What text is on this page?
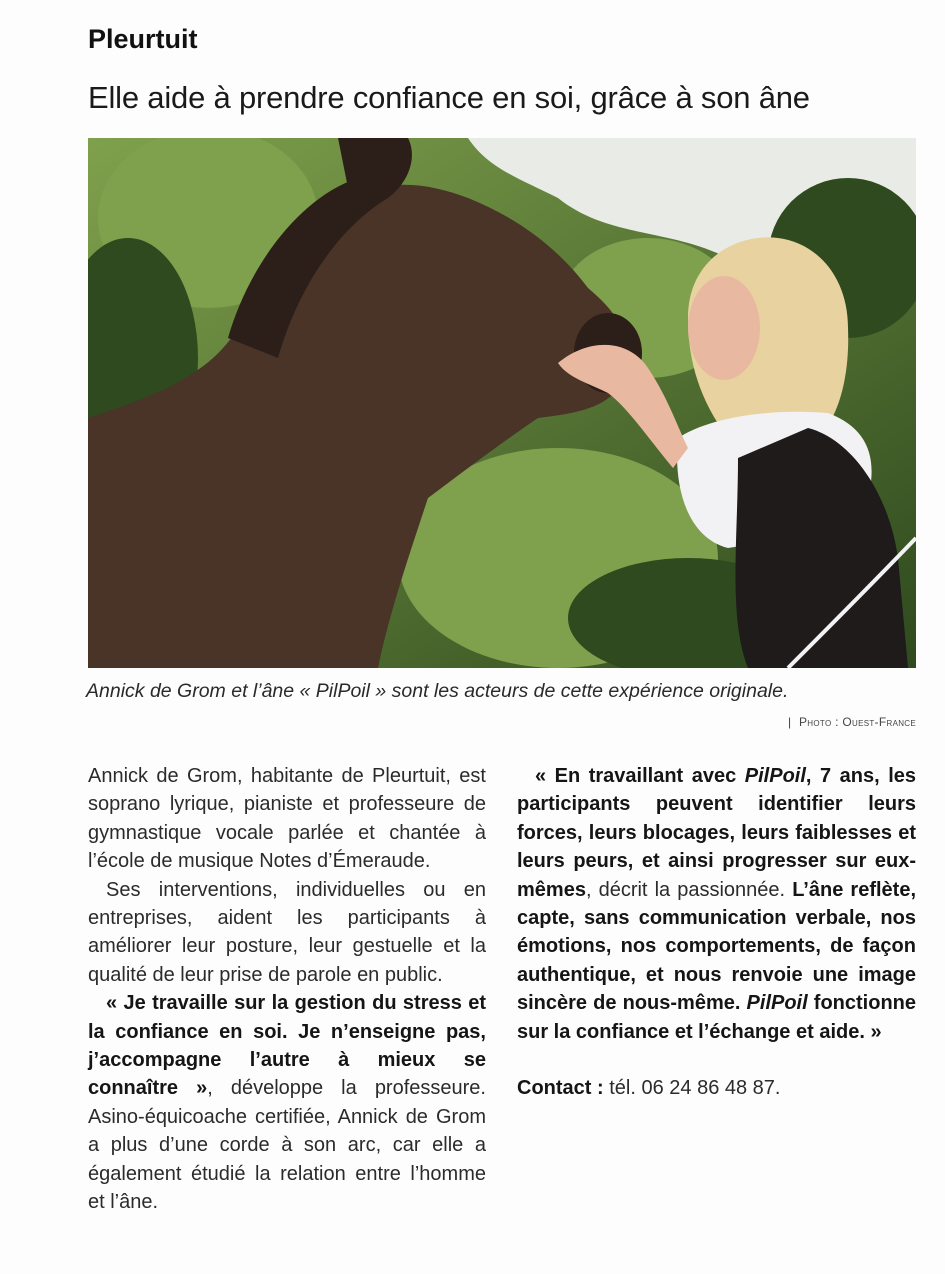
Pleurtuit
Elle aide à prendre confiance en soi, grâce à son âne
Annick de Grom et l’âne « PilPoil » sont les acteurs de cette expérience originale.
| Photo : Ouest-France

Annick de Grom, habitante de Pleurtuit, est soprano lyrique, pianiste et professeure de gymnastique vocale parlée et chantée à l’école de musique Notes d’Émeraude.

Ses interventions, individuelles ou en entreprises, aident les participants à améliorer leur posture, leur gestuelle et la qualité de leur prise de parole en public.

« Je travaille sur la gestion du stress et la confiance en soi. Je n’enseigne pas, j’accompagne l’autre à mieux se connaître », développe la professeure. Asino-équicoache certifiée, Annick de Grom a plus d’une corde à son arc, car elle a également étudié la relation entre l’homme et l’âne.

« En travaillant avec PilPoil, 7 ans, les participants peuvent identifier leurs forces, leurs blocages, leurs faiblesses et leurs peurs, et ainsi progresser sur eux-mêmes, décrit la passionnée. L’âne reflète, capte, sans communication verbale, nos émotions, nos comportements, de façon authentique, et nous renvoie une image sincère de nous-même. PilPoil fonctionne sur la confiance et l’échange et aide. »

Contact : tél. 06 24 86 48 87.
